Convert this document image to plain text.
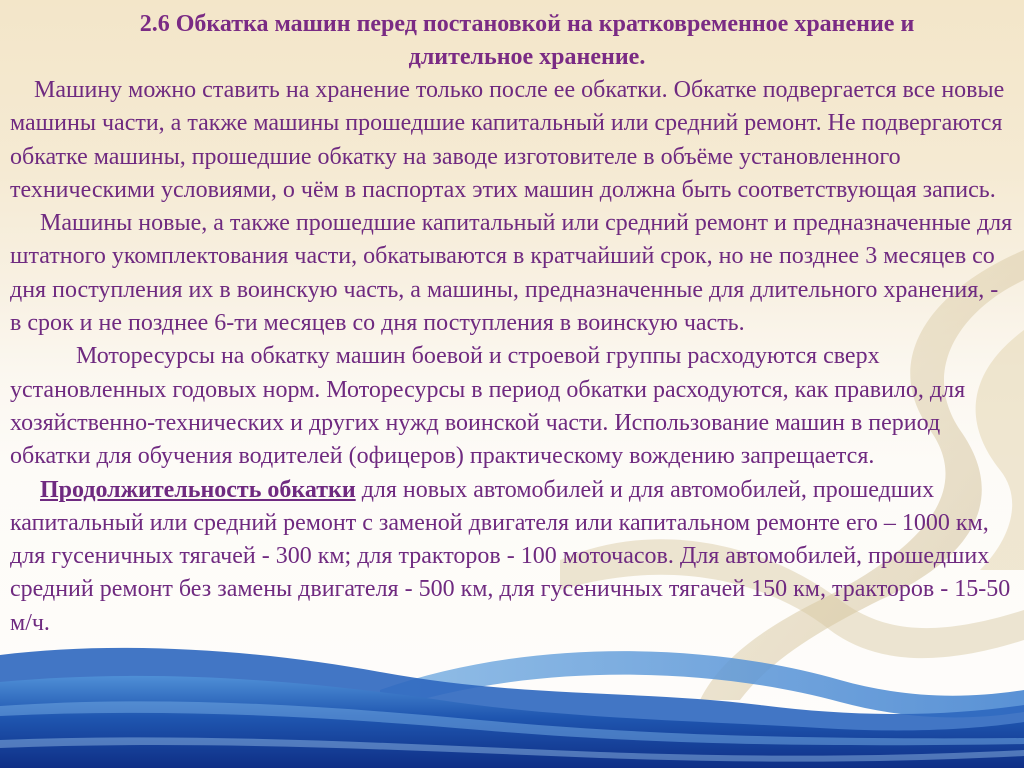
2.6 Обкатка машин перед постановкой на кратковременное хранение и
длительное хранение.

Машину можно ставить на хранение только после ее обкатки. Обкатке подвергается все новые машины части, а также машины прошедшие капитальный или средний ремонт. Не подвергаются обкатке машины, прошедшие обкатку на заводе изготовителе в объёме установленного техническими условиями, о чём в паспортах этих машин должна быть соответствующая запись.

Машины новые, а также прошедшие капитальный или средний ремонт и предназначенные для штатного укомплектования части, обкатываются в кратчайший срок, но не позднее 3 месяцев со дня поступления их в воинскую часть, а машины, предназначенные для длительного хранения, - в срок и не позднее 6-ти месяцев со дня поступления в воинскую часть.

Моторесурсы на обкатку машин боевой и строевой группы расходуются сверх установленных годовых норм. Моторесурсы в период обкатки расходуются, как правило, для хозяйственно-технических и других нужд воинской части. Использование машин в период обкатки для обучения водителей (офицеров) практическому вождению запрещается.

Продолжительность обкатки для новых автомобилей и для автомобилей, прошедших капитальный или средний ремонт с заменой двигателя или капитальном ремонте его – 1000 км, для гусеничных тягачей - 300 км; для тракторов - 100 моточасов. Для автомобилей, прошедших средний ремонт без замены двигателя - 500 км, для гусеничных тягачей 150 км, тракторов - 15-50 м/ч.
